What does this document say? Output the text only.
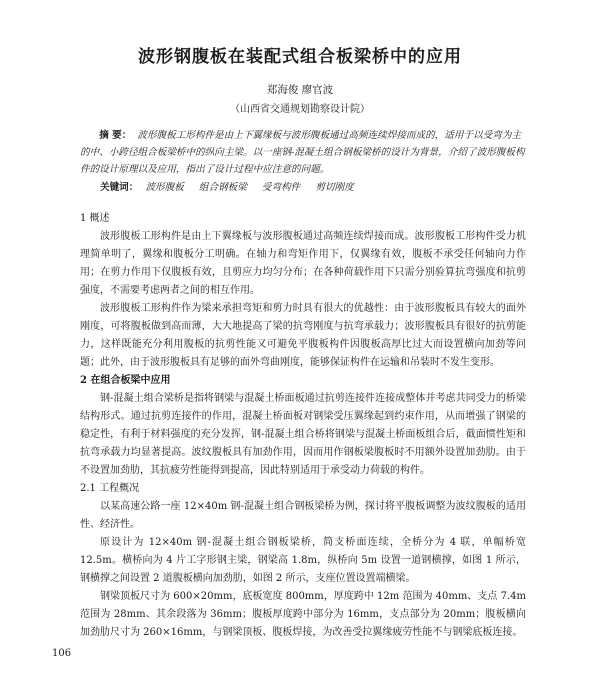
波形钢腹板在装配式组合板梁桥中的应用
郑海俊 廖官波
（山西省交通规划勘察设计院）
摘 要： 波形腹板工形构件是由上下翼缘板与波形腹板通过高频连续焊接而成的，适用于以受弯为主的中、小跨径组合板梁桥中的纵向主梁。以一座钢-混凝土组合钢板梁桥的设计为背景，介绍了波形腹板构件的设计原理以及应用，指出了设计过程中应注意的问题。
关键词： 波形腹板 组合钢板梁 受弯构件 剪切刚度
1 概述

波形腹板工形构件是由上下翼缘板与波形腹板通过高频连续焊接而成。波形腹板工形构件受力机理简单明了，翼缘和腹板分工明确。在轴力和弯矩作用下，仅翼缘有效，腹板不承受任何轴向力作用；在剪力作用下仅腹板有效，且剪应力均匀分布；在各种荷载作用下只需分别验算抗弯强度和抗剪强度，不需要考虑两者之间的相互作用。

波形腹板工形构件作为梁来承担弯矩和剪力时具有很大的优越性：由于波形腹板具有较大的面外刚度，可将腹板做到高而薄，大大地提高了梁的抗弯刚度与抗弯承载力；波形腹板具有很好的抗剪能力，这样既能充分利用腹板的抗剪性能又可避免平腹板构件因腹板高厚比过大而设置横向加劲等问题；此外，由于波形腹板具有足够的面外弯曲刚度，能够保证构件在运输和吊装时不发生变形。

2 在组合板梁中应用

钢-混凝土组合梁桥是指将钢梁与混凝土桥面板通过抗剪连接件连接成整体并考虑共同受力的桥梁结构形式。通过抗剪连接件的作用，混凝土桥面板对钢梁受压翼缘起到约束作用，从而增强了钢梁的稳定性，有利于材料强度的充分发挥，钢-混凝土组合桥将钢梁与混凝土桥面板组合后，截面惯性矩和抗弯承载力均显著提高。波纹腹板具有加劲作用，因而用作钢板梁腹板时不用额外设置加劲肋。由于不设置加劲肋，其抗疲劳性能得到提高，因此特别适用于承受动力荷载的构件。

2.1 工程概况

以某高速公路一座 12×40m 钢-混凝土组合钢板梁桥为例，探讨将平腹板调整为波纹腹板的适用性、经济性。

原设计为 12×40m 钢-混凝土组合钢板梁桥，简支桥面连续，全桥分为 4 联，单幅桥宽 12.5m。横桥向为 4 片工字形钢主梁，钢梁高 1.8m，纵桥向 5m 设置一道钢横撑，如图 1 所示，钢横撑之间设置 2 道腹板横向加劲肋，如图 2 所示，支座位置设置端横梁。

钢梁顶板尺寸为 600×20mm，底板宽度 800mm，厚度跨中 12m 范围为 40mm、支点 7.4m 范围为 28mm、其余段落为 36mm；腹板厚度跨中部分为 16mm，支点部分为 20mm；腹板横向加劲肋尺寸为 260×16mm，与钢梁顶板、腹板焊接，为改善受拉翼缘疲劳性能不与钢梁底板连接。

106
